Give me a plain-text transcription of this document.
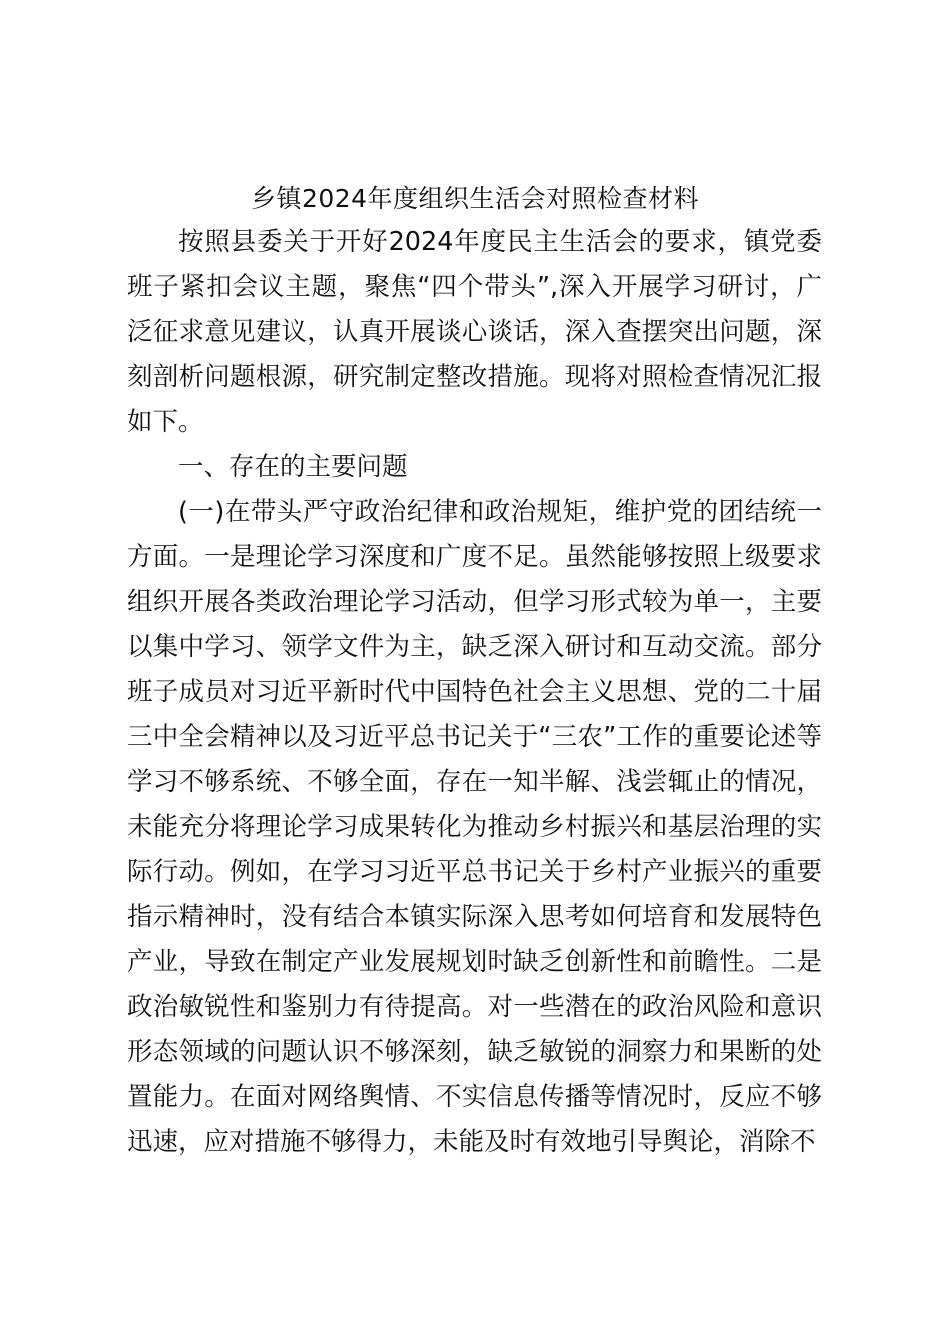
乡镇2024年度组织生活会对照检查材料

按照县委关于开好2024年度民主生活会的要求，镇党委班子紧扣会议主题，聚焦“四个带头”,深入开展学习研讨，广泛征求意见建议，认真开展谈心谈话，深入查摆突出问题，深刻剖析问题根源，研究制定整改措施。现将对照检查情况汇报如下。

一、存在的主要问题

(一)在带头严守政治纪律和政治规矩，维护党的团结统一方面。一是理论学习深度和广度不足。虽然能够按照上级要求组织开展各类政治理论学习活动，但学习形式较为单一，主要以集中学习、领学文件为主，缺乏深入研讨和互动交流。部分班子成员对习近平新时代中国特色社会主义思想、党的二十届三中全会精神以及习近平总书记关于“三农”工作的重要论述等学习不够系统、不够全面，存在一知半解、浅尝辄止的情况，未能充分将理论学习成果转化为推动乡村振兴和基层治理的实际行动。例如，在学习习近平总书记关于乡村产业振兴的重要指示精神时，没有结合本镇实际深入思考如何培育和发展特色产业，导致在制定产业发展规划时缺乏创新性和前瞻性。二是政治敏锐性和鉴别力有待提高。对一些潜在的政治风险和意识形态领域的问题认识不够深刻，缺乏敏锐的洞察力和果断的处置能力。在面对网络舆情、不实信息传播等情况时，反应不够迅速，应对措施不够得力，未能及时有效地引导舆论，消除不
